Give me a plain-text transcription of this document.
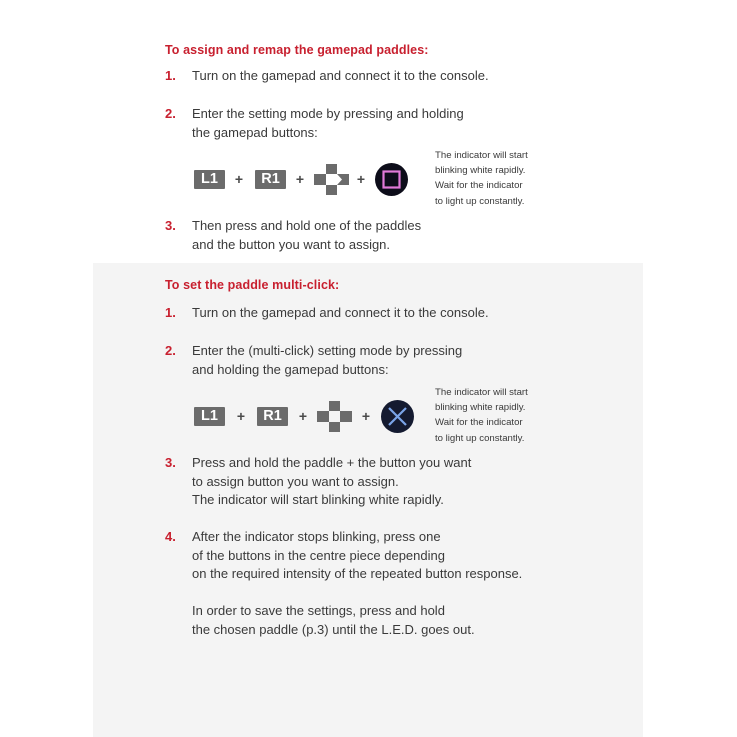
To assign and remap the gamepad paddles:
1. Turn on the gamepad and connect it to the console.
2. Enter the setting mode by pressing and holding
the gamepad buttons:
L1	+	R1	+	+
The indicator will start
blinking white rapidly.
Wait for the indicator
to light up constantly.
3. Then press and hold one of the paddles
and the button you want to assign.
To set the paddle multi-click:
1. Turn on the gamepad and connect it to the console.
2. Enter the (multi-click) setting mode by pressing
and holding the gamepad buttons:
L1	+	R1	+	+
The indicator will start
blinking white rapidly.
Wait for the indicator
to light up constantly.
3. Press and hold the paddle + the button you want
to assign button you want to assign.
The indicator will start blinking white rapidly.
4. After the indicator stops blinking, press one
of the buttons in the centre piece depending
on the required intensity of the repeated button response.
In order to save the settings, press and hold
the chosen paddle (p.3) until the L.E.D. goes out.
